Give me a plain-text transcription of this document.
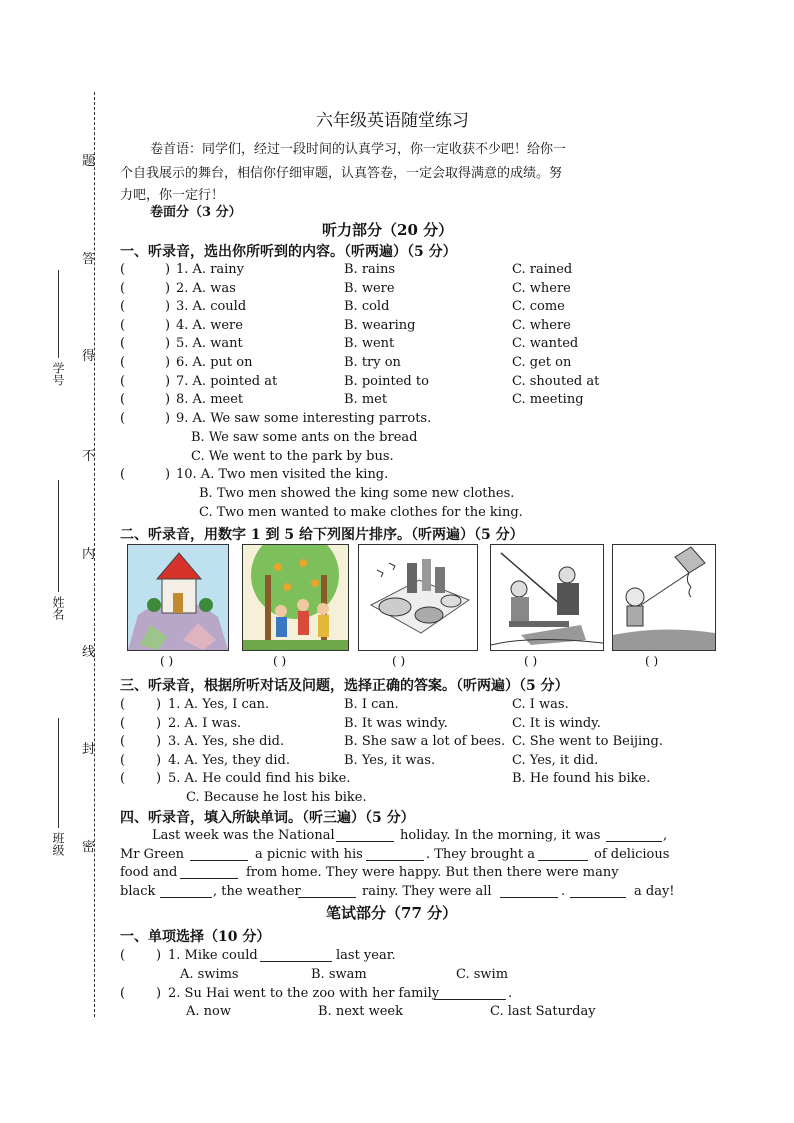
题
答
得
不
内
线
封
密
学号
姓名
班级
六年级英语随堂练习
卷首语：同学们，经过一段时间的认真学习，你一定收获不少吧！给你一
个自我展示的舞台，相信你仔细审题，认真答卷，一定会取得满意的成绩。努
力吧，你一定行！
卷面分（3 分）
听力部分（20 分）
一、听录音，选出你所听到的内容。（听两遍）（5 分）
(	) 1. A. rainy	B. rains	C. rained
(	) 2. A. was	B. were	C. where
(	) 3. A. could	B. cold	C. come
(	) 4. A. were	B. wearing	C. where
(	) 5. A. want	B. went	C. wanted
(	) 6. A. put on	B. try on	C. get on
(	) 7. A. pointed at	B. pointed to	C. shouted at
(	) 8. A. meet	B. met	C. meeting
(	) 9. A. We saw some interesting parrots.
B. We saw some ants on the bread
C. We went to the park by bus.
(	) 10. A. Two men visited the king.
B. Two men showed the king some new clothes.
C. Two men wanted to make clothes for the king.
二、听录音，用数字 1 到 5 给下列图片排序。（听两遍）（5 分）
( )	( )	( )	( )	( )
三、听录音，根据所听对话及问题，选择正确的答案。（听两遍）（5 分）
( ) 1. A. Yes, I can.	B. I can.	C. I was.
( ) 2. A. I was.	B. It was windy.	C. It is windy.
( ) 3. A. Yes, she did.	B. She saw a lot of bees. C. She went to Beijing.
( ) 4. A. Yes, they did.	B. Yes, it was.	C. Yes, it did.
( ) 5. A. He could find his bike.	B. He found his bike.
C. Because he lost his bike.
四、听录音，填入所缺单词。（听三遍）（5 分）
Last week was the National	holiday. In the morning, it was	,
Mr Green	a picnic with his	. They brought a	of delicious
food and	from home. They were happy. But then there were many
black	, the weather	rainy. They were all	.	a day!
笔试部分（77 分）
一、单项选择（10 分）
( ) 1. Mike could	last year.
A. swims	B. swam	C. swim
( ) 2. Su Hai went to the zoo with her family	.
A. now	B. next week	C. last Saturday
